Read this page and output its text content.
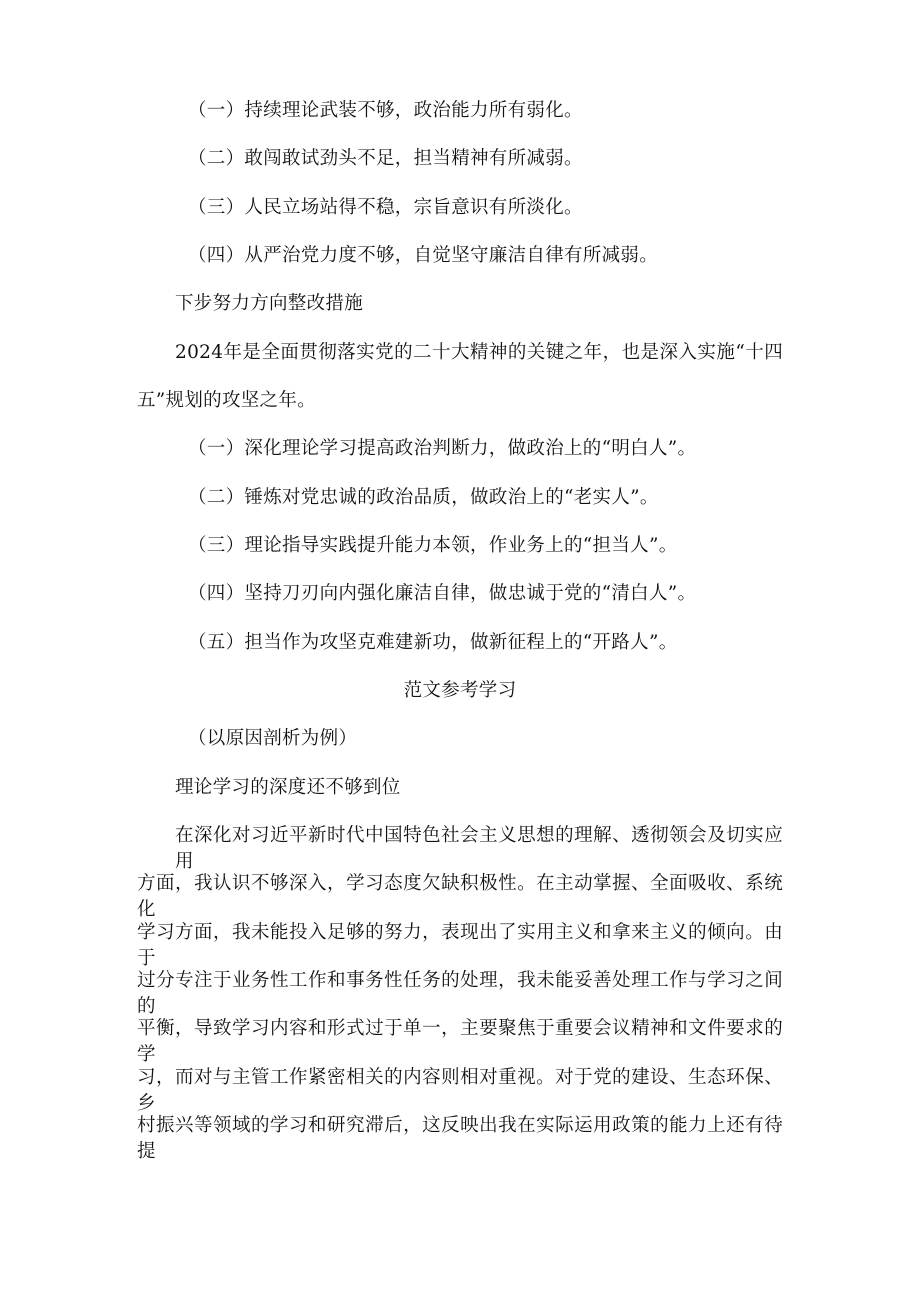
（一）持续理论武装不够，政治能力所有弱化。
（二）敢闯敢试劲头不足，担当精神有所减弱。
（三）人民立场站得不稳，宗旨意识有所淡化。
（四）从严治党力度不够，自觉坚守廉洁自律有所减弱。
下步努力方向整改措施
2024年是全面贯彻落实党的二十大精神的关键之年，也是深入实施“十四
五”规划的攻坚之年。
（一）深化理论学习提高政治判断力，做政治上的“明白人”。
（二）锤炼对党忠诚的政治品质，做政治上的“老实人”。
（三）理论指导实践提升能力本领，作业务上的“担当人”。
（四）坚持刀刃向内强化廉洁自律，做忠诚于党的“清白人”。
（五）担当作为攻坚克难建新功，做新征程上的“开路人”。
范文参考学习
（以原因剖析为例）
理论学习的深度还不够到位
在深化对习近平新时代中国特色社会主义思想的理解、透彻领会及切实应用
方面，我认识不够深入，学习态度欠缺积极性。在主动掌握、全面吸收、系统化
学习方面，我未能投入足够的努力，表现出了实用主义和拿来主义的倾向。由于
过分专注于业务性工作和事务性任务的处理，我未能妥善处理工作与学习之间的
平衡，导致学习内容和形式过于单一，主要聚焦于重要会议精神和文件要求的学
习，而对与主管工作紧密相关的内容则相对重视。对于党的建设、生态环保、乡
村振兴等领域的学习和研究滞后，这反映出我在实际运用政策的能力上还有待提
